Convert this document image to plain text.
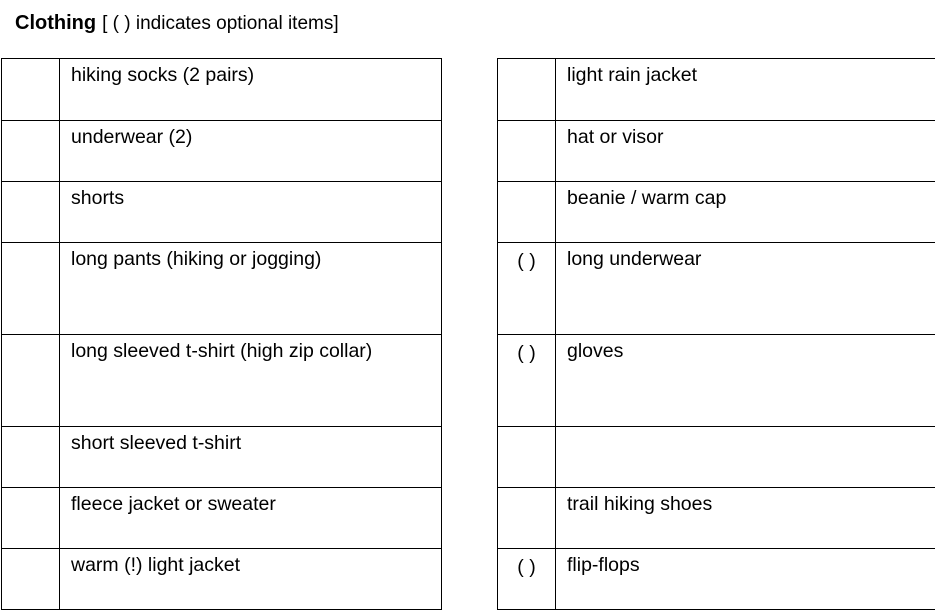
Clothing [ ( ) indicates optional items]
	hiking socks (2 pairs)
	underwear (2)
	shorts
	long pants (hiking or jogging)
	long sleeved t-shirt (high zip collar)
	short sleeved t-shirt
	fleece jacket or sweater
	warm (!) light jacket
	light rain jacket
	hat or visor
	beanie / warm cap
( )	long underwear
( )	gloves

	trail hiking shoes
( )	flip-flops
